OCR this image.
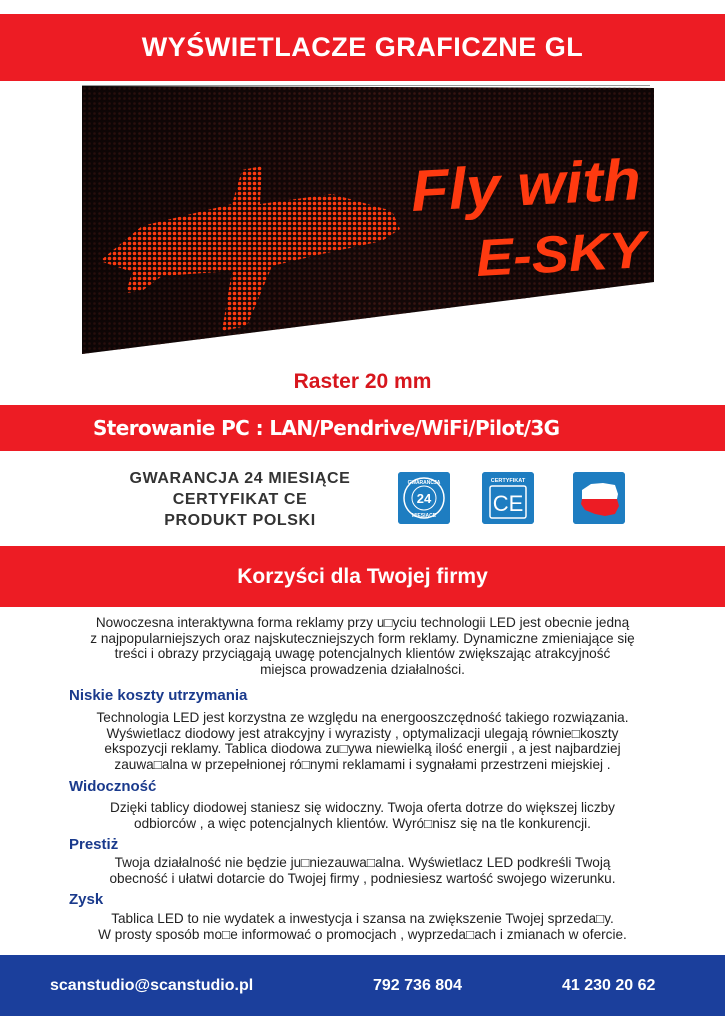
WYŚWIETLACZE GRAFICZNE GL
Fly with
E-SKY
Raster 20 mm
Sterowanie PC : LAN/Pendrive/WiFi/Pilot/3G
GWARANCJA 24 MIESIĄCE
CERTYFIKAT CE
PRODUKT POLSKI
GWARANCJA
24
MIESIĄCE
CERTYFIKAT
CE
Korzyści dla Twojej firmy
Nowoczesna interaktywna forma reklamy przy u□yciu technologii LED jest obecnie jedną
z najpopularniejszych oraz najskuteczniejszych form reklamy. Dynamiczne zmieniające się
treści i obrazy przyciągają uwagę potencjalnych klientów zwiększając atrakcyjność
miejsca prowadzenia działalności.
Niskie koszty utrzymania
Technologia LED jest korzystna ze względu na energooszczędność takiego rozwiązania.
Wyświetlacz diodowy jest atrakcyjny i wyrazisty , optymalizacji ulegają równie□koszty
ekspozycji reklamy. Tablica diodowa zu□ywa niewielką ilość energii , a jest najbardziej
zauwa□alna w przepełnionej ró□nymi reklamami i sygnałami przestrzeni miejskiej .
Widoczność
Dzięki tablicy diodowej staniesz się widoczny. Twoja oferta dotrze do większej liczby
odbiorców , a więc potencjalnych klientów. Wyró□nisz się na tle konkurencji.
Prestiż
Twoja działalność nie będzie ju□niezauwa□alna. Wyświetlacz LED podkreśli Twoją
obecność i ułatwi dotarcie do Twojej firmy , podniesiesz wartość swojego wizerunku.
Zysk
Tablica LED to nie wydatek a inwestycja i szansa na zwiększenie Twojej sprzeda□y.
W prosty sposób mo□e informować o promocjach , wyprzeda□ach i zmianach w ofercie.
scanstudio@scanstudio.pl	792 736 804	41 230 20 62
